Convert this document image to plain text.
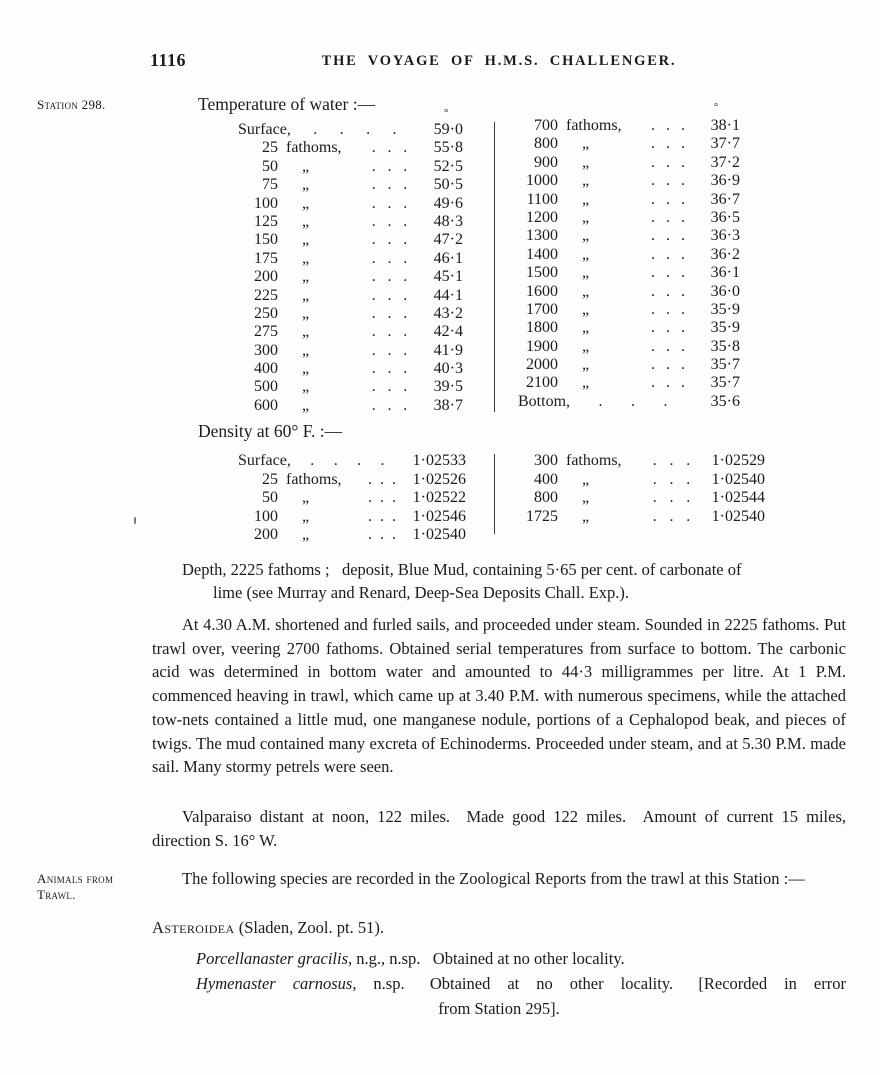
1116	THE VOYAGE OF H.M.S. CHALLENGER.
Station 298.	Temperature of water :—	°	°
Surface, . . . .	59·0
25 fathoms,	. . .	55·8
50	„	. . .	52·5
75	„	. . .	50·5
100	„	. . .	49·6
125	„	. . .	48·3
150	„	. . .	47·2
175	„	. . .	46·1
200	„	. . .	45·1
225	„	. . .	44·1
250	„	. . .	43·2
275	„	. . .	42·4
300	„	. . .	41·9
400	„	. . .	40·3
500	„	. . .	39·5
600	„	. . .	38·7
700 fathoms,	. . .	38·1
800	„	. . .	37·7
900	„	. . .	37·2
1000	„	. . .	36·9
1100	„	. . .	36·7
1200	„	. . .	36·5
1300	„	. . .	36·3
1400	„	. . .	36·2
1500	„	. . .	36·1
1600	„	. . .	36·0
1700	„	. . .	35·9
1800	„	. . .	35·9
1900	„	. . .	35·8
2000	„	. . .	35·7
2100	„	. . .	35·7
Bottom, . . .	35·6
Density at 60° F. :—
Surface, . . . .	1·02533
25 fathoms,	. . .	1·02526
50	„	. . .	1·02522
100	„	. . .	1·02546
200	„	. . .	1·02540
300 fathoms,	. . .	1·02529
400	„	. . .	1·02540
800	„	. . .	1·02544
1725	„	. . .	1·02540
Depth, 2225 fathoms ;  deposit, Blue Mud, containing 5·65 per cent. of carbonate of
lime (see Murray and Renard, Deep-Sea Deposits Chall. Exp.).
At 4.30 A.M. shortened and furled sails, and proceeded under steam. Sounded in 2225 fathoms. Put trawl over, veering 2700 fathoms. Obtained serial temperatures from surface to bottom. The carbonic acid was determined in bottom water and amounted to 44·3 milligrammes per litre. At 1 P.M. commenced heaving in trawl, which came up at 3.40 P.M. with numerous specimens, while the attached tow-nets contained a little mud, one manganese nodule, portions of a Cephalopod beak, and pieces of twigs. The mud contained many excreta of Echinoderms. Proceeded under steam, and at 5.30 P.M. made sail. Many stormy petrels were seen.
Valparaiso distant at noon, 122 miles.  Made good 122 miles.  Amount of current 15 miles, direction S. 16° W.
Animals from Trawl.
The following species are recorded in the Zoological Reports from the trawl at this Station :—
Asteroidea (Sladen, Zool. pt. 51).
Porcellanaster gracilis, n.g., n.sp.  Obtained at no other locality.
Hymenaster carnosus, n.sp.  Obtained at no other locality.  [Recorded in error
from Station 295].
